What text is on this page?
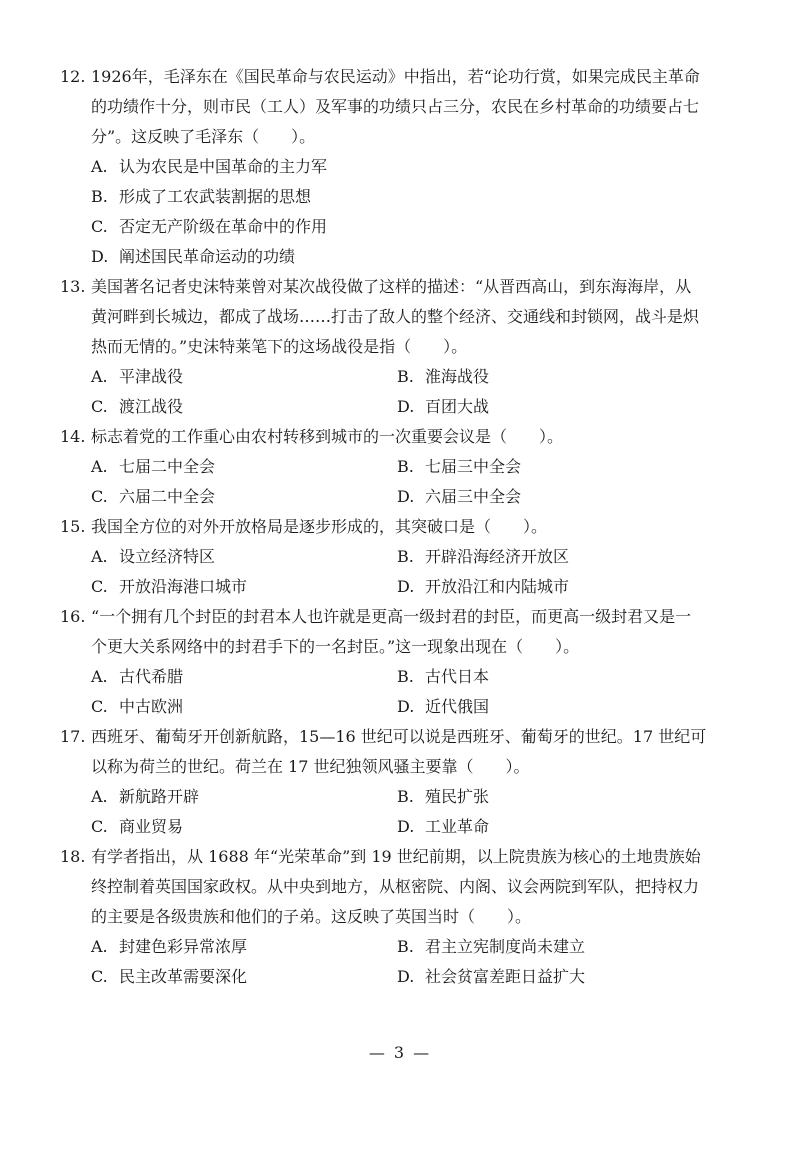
12. 1926年，毛泽东在《国民革命与农民运动》中指出，若“论功行赏，如果完成民主革命
的功绩作十分，则市民（工人）及军事的功绩只占三分，农民在乡村革命的功绩要占七
分”。这反映了毛泽东（　　）。
A. 认为农民是中国革命的主力军
B. 形成了工农武装割据的思想
C. 否定无产阶级在革命中的作用
D. 阐述国民革命运动的功绩
13. 美国著名记者史沫特莱曾对某次战役做了这样的描述：“从晋西高山，到东海海岸，从
黄河畔到长城边，都成了战场……打击了敌人的整个经济、交通线和封锁网，战斗是炽
热而无情的。”史沫特莱笔下的这场战役是指（　　）。
A. 平津战役	B. 淮海战役
C. 渡江战役	D. 百团大战
14. 标志着党的工作重心由农村转移到城市的一次重要会议是（　　）。
A. 七届二中全会	B. 七届三中全会
C. 六届二中全会	D. 六届三中全会
15. 我国全方位的对外开放格局是逐步形成的，其突破口是（　　）。
A. 设立经济特区	B. 开辟沿海经济开放区
C. 开放沿海港口城市	D. 开放沿江和内陆城市
16. “一个拥有几个封臣的封君本人也许就是更高一级封君的封臣，而更高一级封君又是一
个更大关系网络中的封君手下的一名封臣。”这一现象出现在（　　）。
A. 古代希腊	B. 古代日本
C. 中古欧洲	D. 近代俄国
17. 西班牙、葡萄牙开创新航路，15—16 世纪可以说是西班牙、葡萄牙的世纪。17 世纪可
以称为荷兰的世纪。荷兰在 17 世纪独领风骚主要靠（　　）。
A. 新航路开辟	B. 殖民扩张
C. 商业贸易	D. 工业革命
18. 有学者指出，从 1688 年“光荣革命”到 19 世纪前期，以上院贵族为核心的土地贵族始
终控制着英国国家政权。从中央到地方，从枢密院、内阁、议会两院到军队，把持权力
的主要是各级贵族和他们的子弟。这反映了英国当时（　　）。
A. 封建色彩异常浓厚	B. 君主立宪制度尚未建立
C. 民主改革需要深化	D. 社会贫富差距日益扩大
— 3 —
